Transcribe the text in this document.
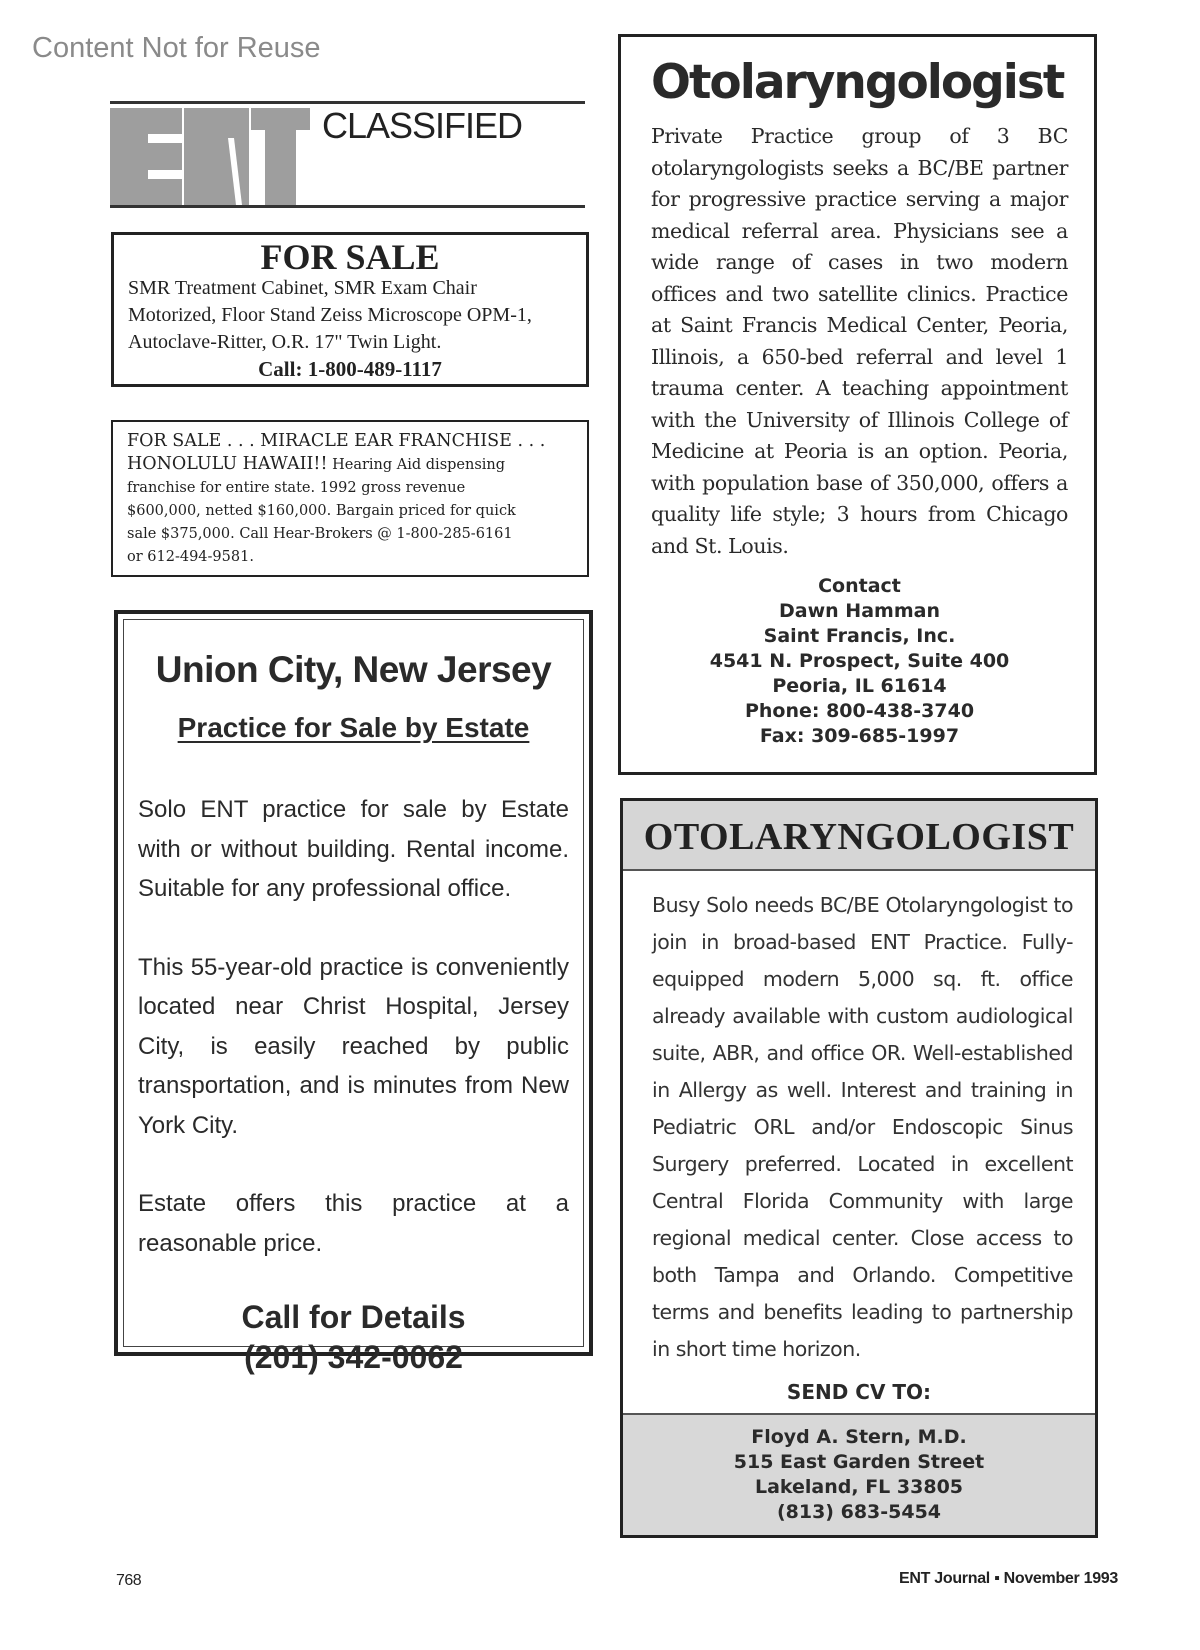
Content Not for Reuse
CLASSIFIED
FOR SALE
SMR Treatment Cabinet, SMR Exam Chair
Motorized, Floor Stand Zeiss Microscope OPM-1,
Autoclave-Ritter, O.R. 17" Twin Light.
Call: 1-800-489-1117
FOR SALE . . . MIRACLE EAR FRANCHISE . . .
HONOLULU HAWAII!! Hearing Aid dispensing
franchise for entire state. 1992 gross revenue
$600,000, netted $160,000. Bargain priced for quick
sale $375,000. Call Hear-Brokers @ 1-800-285-6161
or 612-494-9581.
Union City, New Jersey
Practice for Sale by Estate
Solo ENT practice for sale by Estate with or without building. Rental income. Suitable for any professional office.
This 55-year-old practice is conveniently located near Christ Hospital, Jersey City, is easily reached by public transportation, and is minutes from New York City.
Estate offers this practice at a reasonable price.
Call for Details
(201) 342-0062
Otolaryngologist
Private Practice group of 3 BC otolaryngologists seeks a BC/BE partner for progressive practice serving a major medical referral area. Physicians see a wide range of cases in two modern offices and two satellite clinics. Practice at Saint Francis Medical Center, Peoria, Illinois, a 650-bed referral and level 1 trauma center. A teaching appointment with the University of Illinois College of Medicine at Peoria is an option. Peoria, with population base of 350,000, offers a quality life style; 3 hours from Chicago and St. Louis.
Contact
Dawn Hamman
Saint Francis, Inc.
4541 N. Prospect, Suite 400
Peoria, IL 61614
Phone: 800-438-3740
Fax: 309-685-1997
OTOLARYNGOLOGIST
Busy Solo needs BC/BE Otolaryngologist to join in broad-based ENT Practice. Fully-equipped modern 5,000 sq. ft. office already available with custom audiological suite, ABR, and office OR. Well-established in Allergy as well. Interest and training in Pediatric ORL and/or Endoscopic Sinus Surgery preferred. Located in excellent Central Florida Community with large regional medical center. Close access to both Tampa and Orlando. Competitive terms and benefits leading to partnership in short time horizon.
SEND CV TO:
Floyd A. Stern, M.D.
515 East Garden Street
Lakeland, FL 33805
(813) 683-5454
768	ENT Journal ▪ November 1993
